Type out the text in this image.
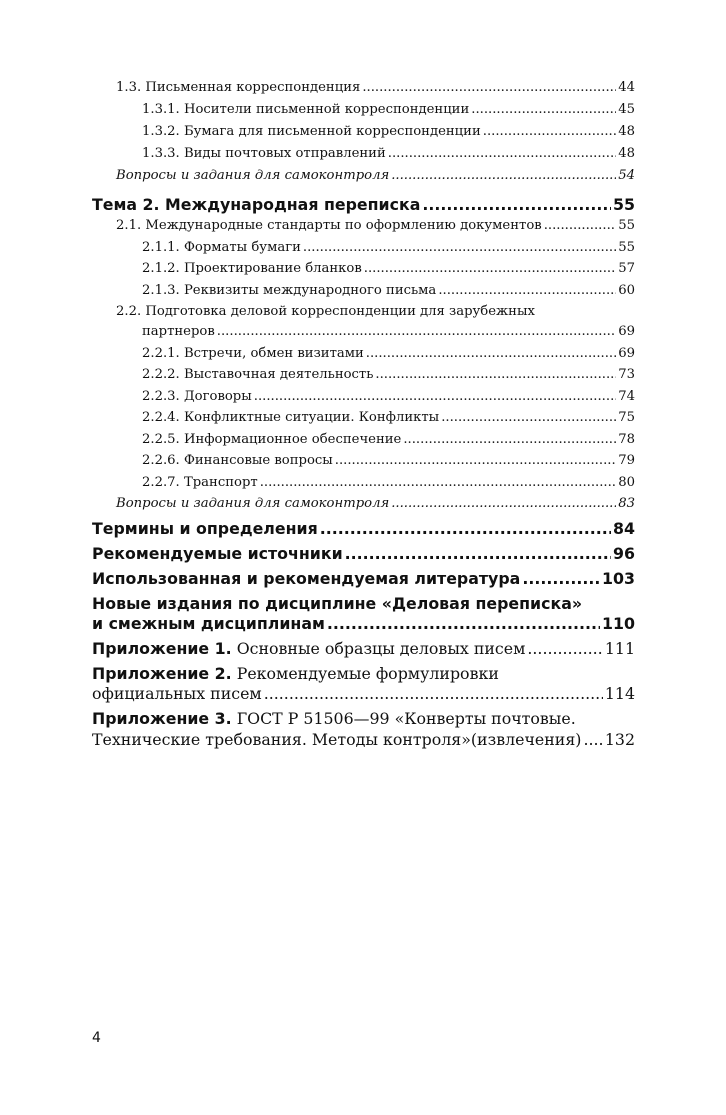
1.3. Письменная корреспонденция .....	44
1.3.1. Носители письменной корреспонденции .....	45
1.3.2. Бумага для письменной корреспонденции .....	48
1.3.3. Виды почтовых отправлений .....	48
Вопросы и задания для самоконтроля .....	54
Тема 2. Международная переписка .....	55
2.1. Международные стандарты по оформлению документов .....	55
2.1.1. Форматы бумаги .....	55
2.1.2. Проектирование бланков .....	57
2.1.3. Реквизиты международного письма .....	60
2.2. Подготовка деловой корреспонденции для зарубежных
партнеров .....	69
2.2.1. Встречи, обмен визитами .....	69
2.2.2. Выставочная деятельность .....	73
2.2.3. Договоры .....	74
2.2.4. Конфликтные ситуации. Конфликты .....	75
2.2.5. Информационное обеспечение .....	78
2.2.6. Финансовые вопросы .....	79
2.2.7. Транспорт .....	80
Вопросы и задания для самоконтроля .....	83
Термины и определения .....	84
Рекомендуемые источники .....	96
Использованная и рекомендуемая литература .....	103
Новые издания по дисциплине «Деловая переписка»
и смежным дисциплинам .....	110
Приложение 1. Основные образцы деловых писем .....	111
Приложение 2. Рекомендуемые формулировки
официальных писем .....	114
Приложение 3. ГОСТ Р 51506—99 «Конверты почтовые.
Технические требования. Методы контроля»(извлечения) ..... 132
4
